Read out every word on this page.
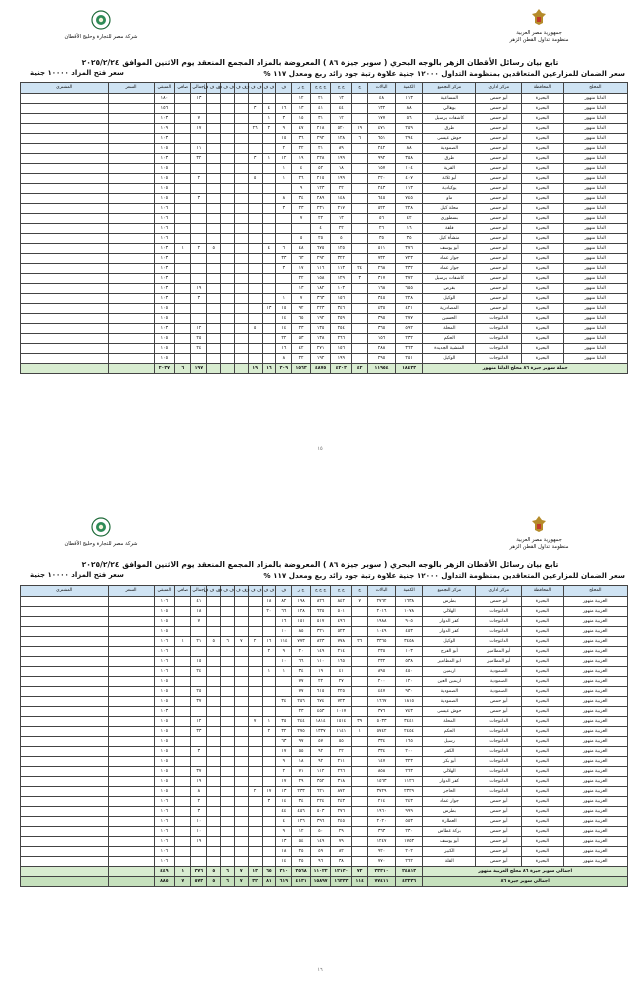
شركة مصر للتجارة وحليج الأقطان
جمهورية مصر العربية
منظومة تداول القطن الزهر
تابع بيان رسائل الأقطان الزهر بالوجه البحري ( سوبر جيزة ٨٦ ) المعروضة بالمزاد المجمع المنعقد يوم الاثنين الموافق ٢٠٢٥/٢/٢٤
سعر الضمان للمزارعين المتعاقدين بمنظومة التداول ١٢٠٠٠ جنية علاوة رتبة جود زائد ربع ومعدل ١١٧ %
سعر فتح المزاد ١٠٠٠٠ جنية
المحلج	المحافظة	مركز اداري	مركز التجميع	الكمية	البالات	ج	ج ج	ج ج ج	ج ر	ف	ف ف	ف ف ف	ف ف	ف ف ف	ف ف ف	إجمالي	صافي	المتبقي	السعر	المشتري
الدلتا منهور	البحيرة	أبو حمص	المساعية	١١٣	٤٨		١٣	٢١	١٢							١٣		١٨٠		
الدلتا منهور	البحيرة	أبو حمص	بوهالي	٨٨	١٣٢		٤٤	٤١	١٣	١٦	٤	٣						١٥٦		
الدلتا منهور	البحيرة	أبو حمص	كاشفات يرسيل	٥٦	١٧٧		١٢	٣١	١٥	٣	١					٧		١٠٣		
الدلتا منهور	البحيرة	أبو حمص	طرق	٢٥٩	٤٧١	١٩	٥٢٠	٢١٨	٤٧	٩	٢	٢٦				١٧		١٠٩		
الدلتا منهور	البحيرة	أبو حمص	حوش عيسى	٢٩٤	٦٥١	٦	١٢٨	٢٩٢	٣٦	١٥								١٠٣		
الدلتا منهور	البحيرة	أبو حمص	الصمودية	٨٨	٢٤٢		٨٩	٢١	٢٢	٢						١١		١٠٥		
الدلتا منهور	البحيرة	أبو حمص	طرق	٣٥٨	٩٩٢		١٩٩	٢٢٨	١٩	١٢	١	٣				٣٢		١٠٣		
الدلتا منهور	البحيرة	أبو حمص	القرية	١٠٤	١٥٧		١٨	٥٢	٤	١								١٠٥		
الدلتا منهور	البحيرة	أبو حمص	أبو ثلاثة	٤٠٧	٢٢٠		١٩٩	٢١٥	٢٦	١		٥				٢		١٠٥		
الدلتا منهور	البحيرة	أبو حمص	يوكيادية	١١٣	٢٤٣		٢٢	١٢٣	٩									١٠٥		
الدلتا منهور	البحيرة	أبو حمص	ماو	٧٤٥	٦٤٥		١٤٨	٢٨٩	٣٤	٨						٣		١٠٥		
الدلتا منهور	البحيرة	أبو حمص	محلة كيل	٢٢٨	٥٢٢		٢١٧	٢٣١	٢٣	٣								١٠٦		
الدلتا منهور	البحيرة	أبو حمص	بسطوري	٤٢	٥٦		١٣	٢٢	٧									١٠٦		
الدلتا منهور	البحيرة	أبو حمص	قلقة	١٦	٢٦		٢٢	٤										١٠٦		
الدلتا منهور	البحيرة	أبو حمص	منشأة كيل	٣٥	٣٥		٥	٢٥	٥									١٠٦		
الدلتا منهور	البحيرة	أبو حمص	أبو يوسف	٣٧٦	٥١١		١٢٥	٦٧٥	٤٨	٦	٤				٥	٢	١	١٠٣		
الدلتا منهور	البحيرة	أبو حمص	جوار عماد	٧٢٣	٧٣٢		٣٢٢	٢٩٢	٦٣	٣٣								١٠٣		
الدلتا منهور	البحيرة	أبو حمص	جوار عماد	٣٣٢	٢٦٨	٢٤	١١٣	١١٦	١٧	٣								١٠٣		
الدلتا منهور	البحيرة	أبو حمص	كاشفات يرسيل	٣٧٢	٣١٧	٣	١٢٩	١٥٨	٢٢									١٠٣		
الدلتا منهور	البحيرة	أبو حمص	بقرص	٦٥٥	١٦٨		١٠٣	١٨٢	١٣							١٩		١٠٣		
الدلتا منهور	البحيرة	أبو حمص	الوكيل	٢٢٨	٣٤٥		١٥٦	٣٦٣	٧	١						٣		١٠٣		
الدلتا منهور	البحيرة	أبو حمص	المصادرية	٤٢١	٤٣٥		٣٤٦	٢٢٣	٩٢	١٥	١٣							١٠٥		
الدلتا منهور	البحيرة	الدلتوجات	الحسين	٢٧٧	٣٩٥		٢٥٩	١٩٢	٦٥	١٤								١٠٥		
الدلتا منهور	البحيرة	الدلتوجات	المحلة	٥٩٢	٣٦٥		٢٥٤	١٣٥	٢٣	١٤		٥				١٢		١٠٣		
الدلتا منهور	البحيرة	الدلتوجات	الحكم	٢٣٢	١٥٦		٢٦٦	١٣٨	٥٣	٢٢						٢٥		١٠٥		
الدلتا منهور	البحيرة	الدلتوجات	المنشية الجديدة	٣٦٣	٢٨٨		١٥٦	٢٧١	٤٢	١٦						٢٤		١٠٥		
الدلتا منهور	البحيرة	الدلتوجات	الوكيل	٢٥١	٢٩٥		١٩٩	١٩٢	٢٢	٨								١٠٥		
جملة سوبر جيزة ٨٦ محلج الدلتا منهور				١٨٤٢٣	١١٩٥٤	٤٢	٤٢٠٣	٤٨٧٥	١٥٦٣	٣٠٩	١٦	١٩				١٩٧	٦	٢٠٣٧		
١٥
شركة مصر للتجارة وحليج الأقطان
جمهورية مصر العربية
منظومة تداول القطن الزهر
تابع بيان رسائل الأقطان الزهر بالوجه البحري ( سوبر جيزة ٨٦ ) المعروضة بالمزاد المجمع المنعقد يوم الاثنين الموافق ٢٠٢٥/٢/٢٤
سعر الضمان للمزارعين المتعاقدين بمنظومة التداول ١٢٠٠٠ جنية علاوة رتبة جود زائد ربع ومعدل ١١٧ %
سعر فتح المزاد ١٠٠٠٠ جنية
المحلج	المحافظة	مركز اداري	مركز التجميع	الكمية	البالات	ج	ج ج	ج ج ج	ج ر	ف	ف ف	ف ف ف	ف ف	ف ف ف	ف ف ف	إجمالي	صافي	المتبقي	السعر	المشتري
العربية منهور	البحيرة	أبو حمص	بطرس	١٦٣٨	٢٧٦٢	٧	٨٤٢	٨٢٦	١٩٨	٨٢	١٨					٤١		١٠٦		
العربية منهور	البحيرة	الدلتوجات	الهلالي	١٠٧٨	٢٠١٦		٥٠١	٦٢٥	١٢٨	٦٦	٢٠					١٨		١٠٥		
العربية منهور	البحيرة	الدلتوجات	كفر الدوار	٩٠٥	١٩٨٨		٤٩٦	٥١٧	١٥١	١٦						٧		١٠٥		
العربية منهور	البحيرة	الدلتوجات	كفر الدوار	٤٥٣	١٠٤٩		٥٢٣	٣٢١	٨٥	١٠								١٠٥		
العربية منهور	البحيرة	الدلتوجات	الوكيل	٣٤٥٨	٣٣٦٥	٢٦	٧٧٨	٨٢٣	٧٧٣	١١٤	١٦	٢	٧	٦	٥	٢١	١	١٠٦		
العربية منهور	البحيرة	أبو المطامير	أبو الفرج	١٠٣	٢٣٥		٢١٤	١٤٩	٢٠	٩	٢							١٠٦		
العربية منهور	البحيرة	أبو المطامير	ابو المطامير	٥٣٨	٢٣٢		١٦٥	١١٠	٦٦	١٠						١٥		١٠٦		
العربية منهور	البحيرة	الصمودية	اربمين	٤٥٠	٨٩٥		٤١	١٩	٣٤	١	١					٢٤		١٠٦		
العربية منهور	البحيرة	الصمودية	اربمين العين	١٢٠	٢٠٠		٢٧	٢٢	٧٧									١٠٥		
العربية منهور	البحيرة	الصمودية	الصمودية	٩٣٠	٤٤٧		٢٢٥	٦١٥	٧٧							٢٥		١٠٥		
العربية منهور	البحيرة	أبو حمص	الصمودية	١٨١٥	١٦٦٧		٧٢٣	٦٧٤	٢٥٦	٣٤						٣٧		١٠٥		
العربية منهور	البحيرة	أبو حمص	حوش عيسى	٧٤٣	٣٧٦		١٠١٧	٤٥٣	٢٣									١٠٣		
العربية منهور	البحيرة	الدلتوجات	المحلة	٣٤٤١	٥٠٣٣	٣٩	١٥١٤	١٨١٤	٢٤٤	٣٥	١	٧				١٢		١٠٥		
العربية منهور	البحيرة	الدلتوجات	الحكم	٢٤٥٤	٥٧٤٢	١	١١٤١	١٣٣٧	٢٧٥	٣٢	٢					٣٣		١٠٥		
العربية منهور	البحيرة	الدلتوجات	رسيل	١٦٥	٣٣٤		٥٥	٥٧	٩٧	٦٣								١٠٥		
العربية منهور	البحيرة	الدلتوجات	الكفر	٢٠٠	٣٣٤		٢٢	٩٢	٥٥	١٧						٣		١٠٥		
العربية منهور	البحيرة	الدلتوجات	أبو بكر	٣٢٣	١٤٧		٢١١	٩٢	١٨	٩								١٠٥		
العربية منهور	البحيرة	الدلتوجات	الهلالي	٢٦٣	٨٥٨		٢٦٦	١١٢	٧١	٢						٣٧		١٠٥		
العربية منهور	البحيرة	الدلتوجات	كفر الدوار	١١٢٦	١٥٦٣		٣١٨	٣٥٢	٢٩	١٧						١٩		١٠٥		
العربية منهور	البحيرة	الدلتوجات	الحاجر	٢٣٢٩	٣٧٢٩		٨٧٢	٦٢١	٢٣٣	١٣	١٧	٢				٨		١٠٥		
العربية منهور	البحيرة	أبو حمص	جوار عماد	٢٤٣	٢١٤		٢٤٣	٢٢٤	٣٤	١٤	٣					٢		١٠٦		
العربية منهور	البحيرة	أبو حمص	بطرس	٩٩٩	١٩٦٠		٢٧٦	٥٠٣	٤٥٦	٤٤						٣		١٠٦		
العربية منهور	البحيرة	أبو حمص	العطارة	٥٥٣	٢٠٢٠		٢٤٥	٣٩٦	١٢٦	٤						١٠		١٠٦		
العربية منهور	البحيرة	أبو حمص	بركة غطاس	٢٣٠	٣٦٣		٢٩	٥٠	١٢	٩						١٠		١٠٦		
العربية منهور	البحيرة	أبو حمص	أبو يوسف	١٧٥٣	١٢٤٧		٧٩	١٤٩	٥٤	١٣						١٩		١٠٦		
العربية منهور	البحيرة	أبو حمص	الكبير	٢٠٢	٩٢٠		٨٢	٥٩	٢٥	١٨								١٠٦		
العربية منهور	البحيرة	أبو حمص	القلة	٢٦٢	٧٧٠		٣٨	٩٦	٢٥	١٤								١٠٦		
اجمالي سوبر جيزة ٨٦ محلج العربية منهور				٢٤٨١٣	٣٣٣١٠	٧٢	١٢١٣٠	١١٠٢٢	٢٥٦٨	٣١٠	٦٥	١٣	٧	٦	٥	٣٧٦	١	٤٤٩		
اجمالي سوبر جيزة ٨٦				٤٣٢٣٦	٧٧٤١١	١١٤	١٦٣٣٣	١٥٨٩٧	٤١٣١	٦١٩	٨١	٣٢	٧	٦	٥	٥٧٣	٧	٨٨٥		
١٦
